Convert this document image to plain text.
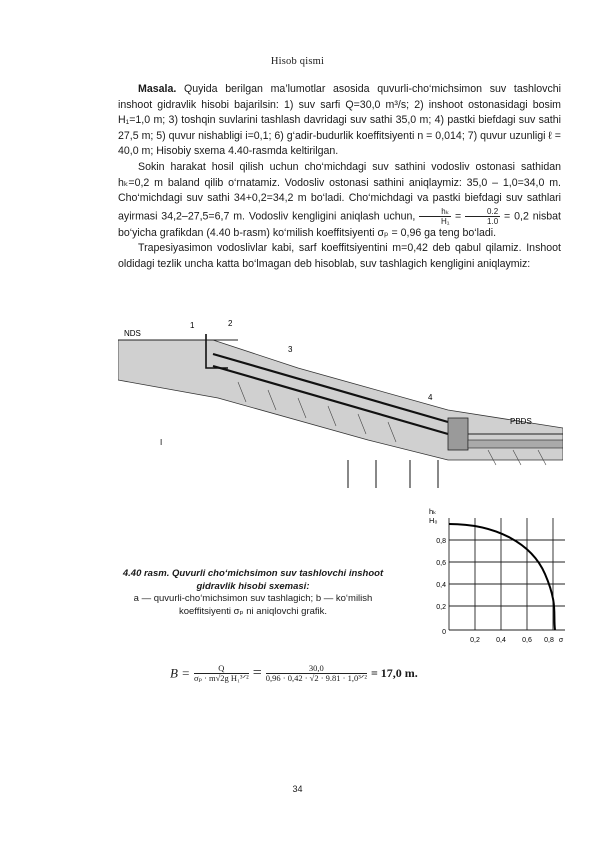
Hisob qismi

Masala. Quyida berilgan ma’lumotlar asosida quvurli-cho‘michsimon suv tashlovchi inshoot gidravlik hisobi bajarilsin: 1) suv sarfi Q=30,0 m³/s; 2) inshoot ostonasidagi bosim H₁=1,0 m; 3) toshqin suvlarini tashlash davridagi suv sathi 35,0 m; 4) pastki biefdagi suv sathi 27,5 m; 5) quvur nishabligi i=0,1; 6) g‘adir-budurlik koeffitsiyenti n = 0,014; 7) quvur uzunligi ℓ = 40,0 m; Hisobiy sxema 4.40-rasmda keltirilgan.

Sokin harakat hosil qilish uchun cho‘michdagi suv sathini vodosliv ostonasi sathidan hₖ=0,2 m baland qilib o‘rnatamiz. Vodosliv ostonasi sathini aniqlaymiz: 35,0 – 1,0=34,0 m. Cho‘michdagi suv sathi 34+0,2=34,2 m bo‘ladi. Cho‘michdagi va pastki biefdagi suv sathlari ayirmasi 34,2–27,5=6,7 m. Vodosliv kengligini aniqlash uchun, $\frac{\text{hₖ}}{\text{H₁}} = \frac{0.2}{1.0} = 0,2$ nisbat bo‘yicha grafikdan (4.40 b-rasm) ko‘milish koeffitsiyenti σₚ = 0,96 ga teng bo‘ladi.

Trapesiyasimon vodoslivlar kabi, sarf koeffitsiyentini m=0,42 deb qabul qilamiz. Inshoot oldidagi tezlik uncha katta bo‘lmagan deb hisoblab, suv tashlagich kengligini aniqlaymiz:

NDS
PBDS
1	2
3
4
I
4.40 rasm. Quvurli cho‘michsimon suv tashlovchi inshoot gidravlik hisobi sxemasi:
a — quvurli-cho‘michsimon suv tashlagich; b — ko‘milish koeffitsiyenti σₚ ni aniqlovchi grafik.
hₖ
H₀
0,8
0,6
0,4
0,2
0
0,2 0,4 0,6 0,8 σ
$B = \frac{Q}{\text{σₚ · m√2g H₁³ᐟ²}} = \frac{30,0}{\text{0,96 · 0,42 · √2 · 9.81 · 1,0³ᐟ²}} = 17,0$ m.
34
